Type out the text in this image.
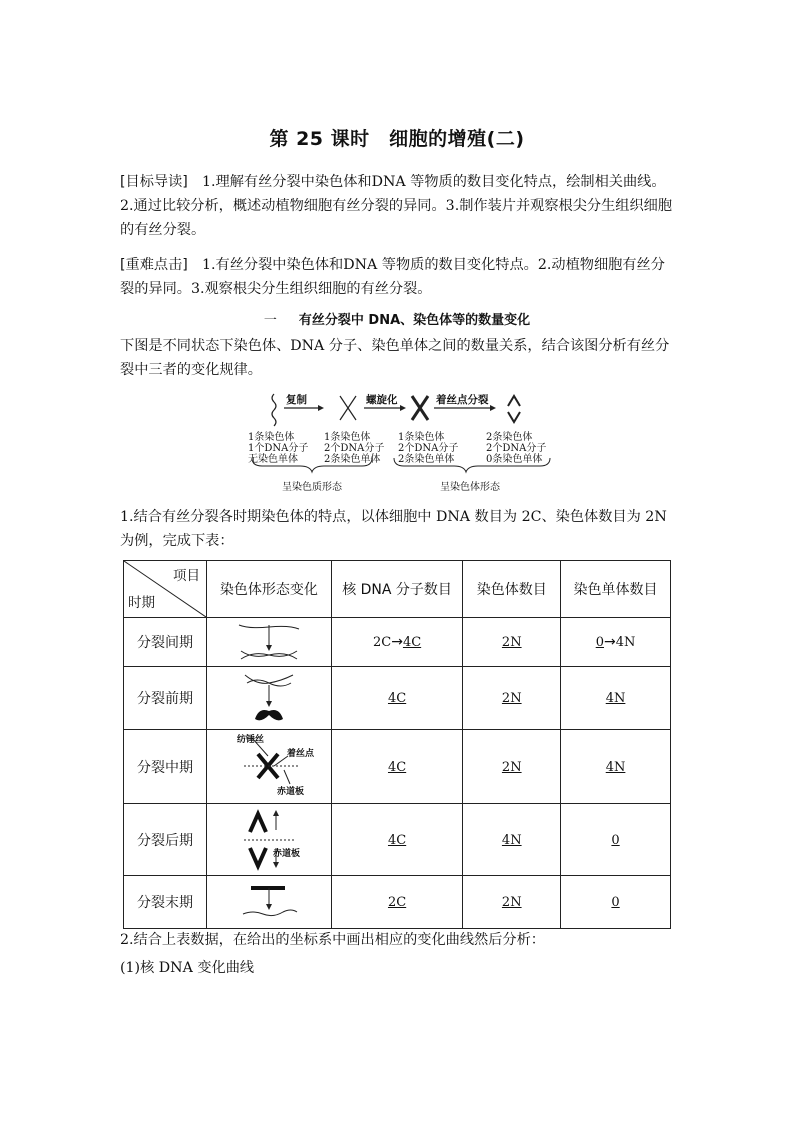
第 25 课时　细胞的增殖(二)

[目标导读]　1.理解有丝分裂中染色体和DNA 等物质的数目变化特点，绘制相关曲线。2.通过比较分析，概述动植物细胞有丝分裂的异同。3.制作装片并观察根尖分生组织细胞的有丝分裂。

[重难点击]　1.有丝分裂中染色体和DNA 等物质的数目变化特点。2.动植物细胞有丝分裂的异同。3.观察根尖分生组织细胞的有丝分裂。

一 有丝分裂中 DNA、染色体等的数量变化

下图是不同状态下染色体、DNA 分子、染色单体之间的数量关系，结合该图分析有丝分裂中三者的变化规律。

复制	螺旋化	着丝点分裂
1条染色体
1个DNA分子
无染色单体
1条染色体
2个DNA分子
2条染色单体
1条染色体
2个DNA分子
2条染色单体
2条染色体
2个DNA分子
0条染色单体
呈染色质形态	呈染色体形态

1.结合有丝分裂各时期染色体的特点，以体细胞中 DNA 数目为 2C、染色体数目为 2N 为例，完成下表：

项目
时期	染色体形态变化	核 DNA 分子数目	染色体数目	染色单体数目
分裂间期		2C→4C	2N	0→4N
分裂前期		4C	2N	4N
分裂中期	纺锤丝
着丝点
赤道板	4C	2N	4N
分裂后期	赤道板	4C	4N	0
分裂末期		2C	2N	0

2.结合上表数据，在给出的坐标系中画出相应的变化曲线然后分析：

(1)核 DNA 变化曲线
